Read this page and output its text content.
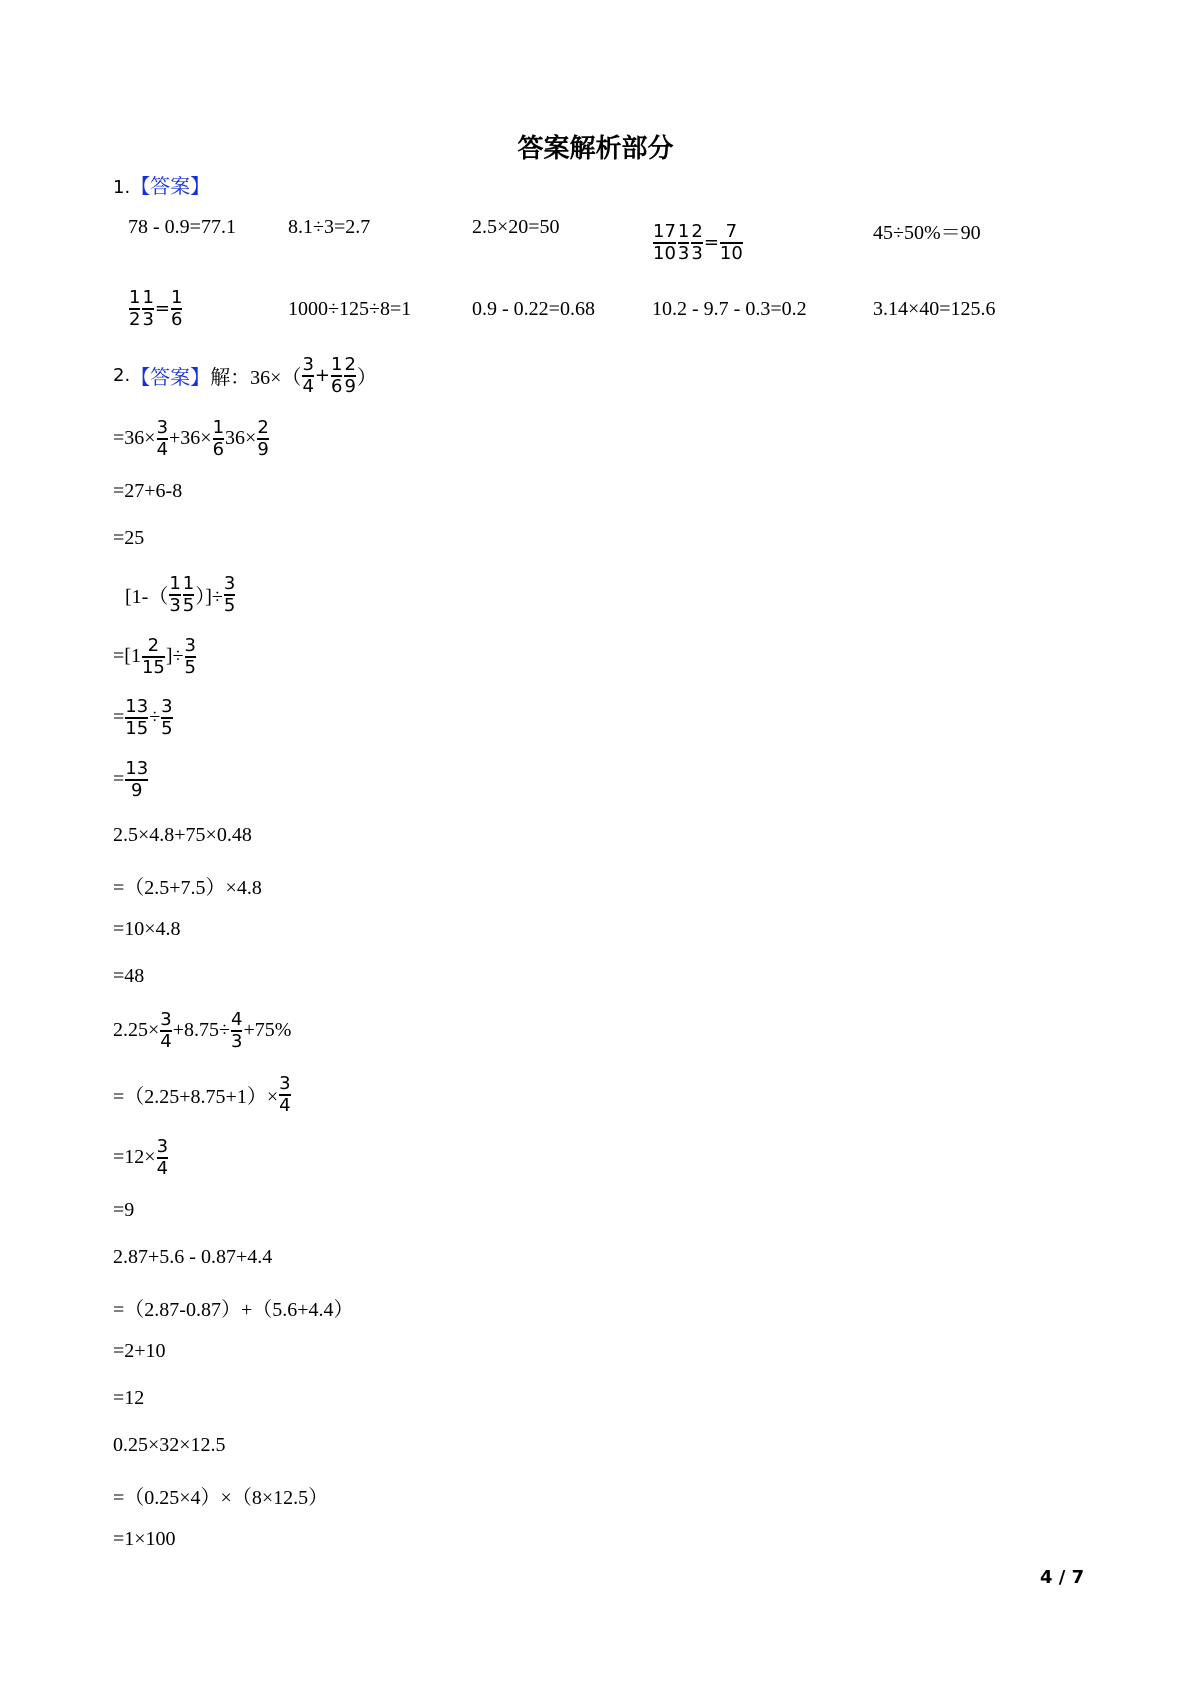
答案解析部分
1.【答案】
78 - 0.9=77.1	8.1÷3=2.7	2.5×20=50	$\frac{17}{10} \frac{1}{3} \frac{2}{3} = \frac{7}{10}$	45÷50%＝90
$\frac{1}{2} \frac{1}{3} = \frac{1}{6}$	1000÷125÷8=1	0.9 - 0.22=0.68	10.2 - 9.7 - 0.3=0.2	3.14×40=125.6
2. 【答案】 解：$36\times( \frac{3}{4} + \frac{1}{6} \frac{2}{9}$ ）
$=36\times \frac{3}{4} +36\times \frac{1}{6} 36\times \frac{2}{9}$
=27+6-8
=25
[$1-( \frac{1}{3} \frac{1}{5}$ ）]÷ $\frac{3}{5}$
$=[1 \frac{2}{15}$ ]÷ $\frac{3}{5}$
= $\frac{13}{15} \div \frac{3}{5}$
= $\frac{13}{9}$
2.5×4.8+75×0.48
=（2.5+7.5）×4.8
=10×4.8
=48
$2.25\times \frac{3}{4} +8.75\div \frac{4}{3} +75\%$
$=(2.25+8.75+1)\times \frac{3}{4}$
$=12\times \frac{3}{4}$
=9
2.87+5.6 - 0.87+4.4
=（2.87-0.87）+（5.6+4.4）
=2+10
=12
0.25×32×12.5
=（0.25×4）×（8×12.5）
=1×100
4 / 7
